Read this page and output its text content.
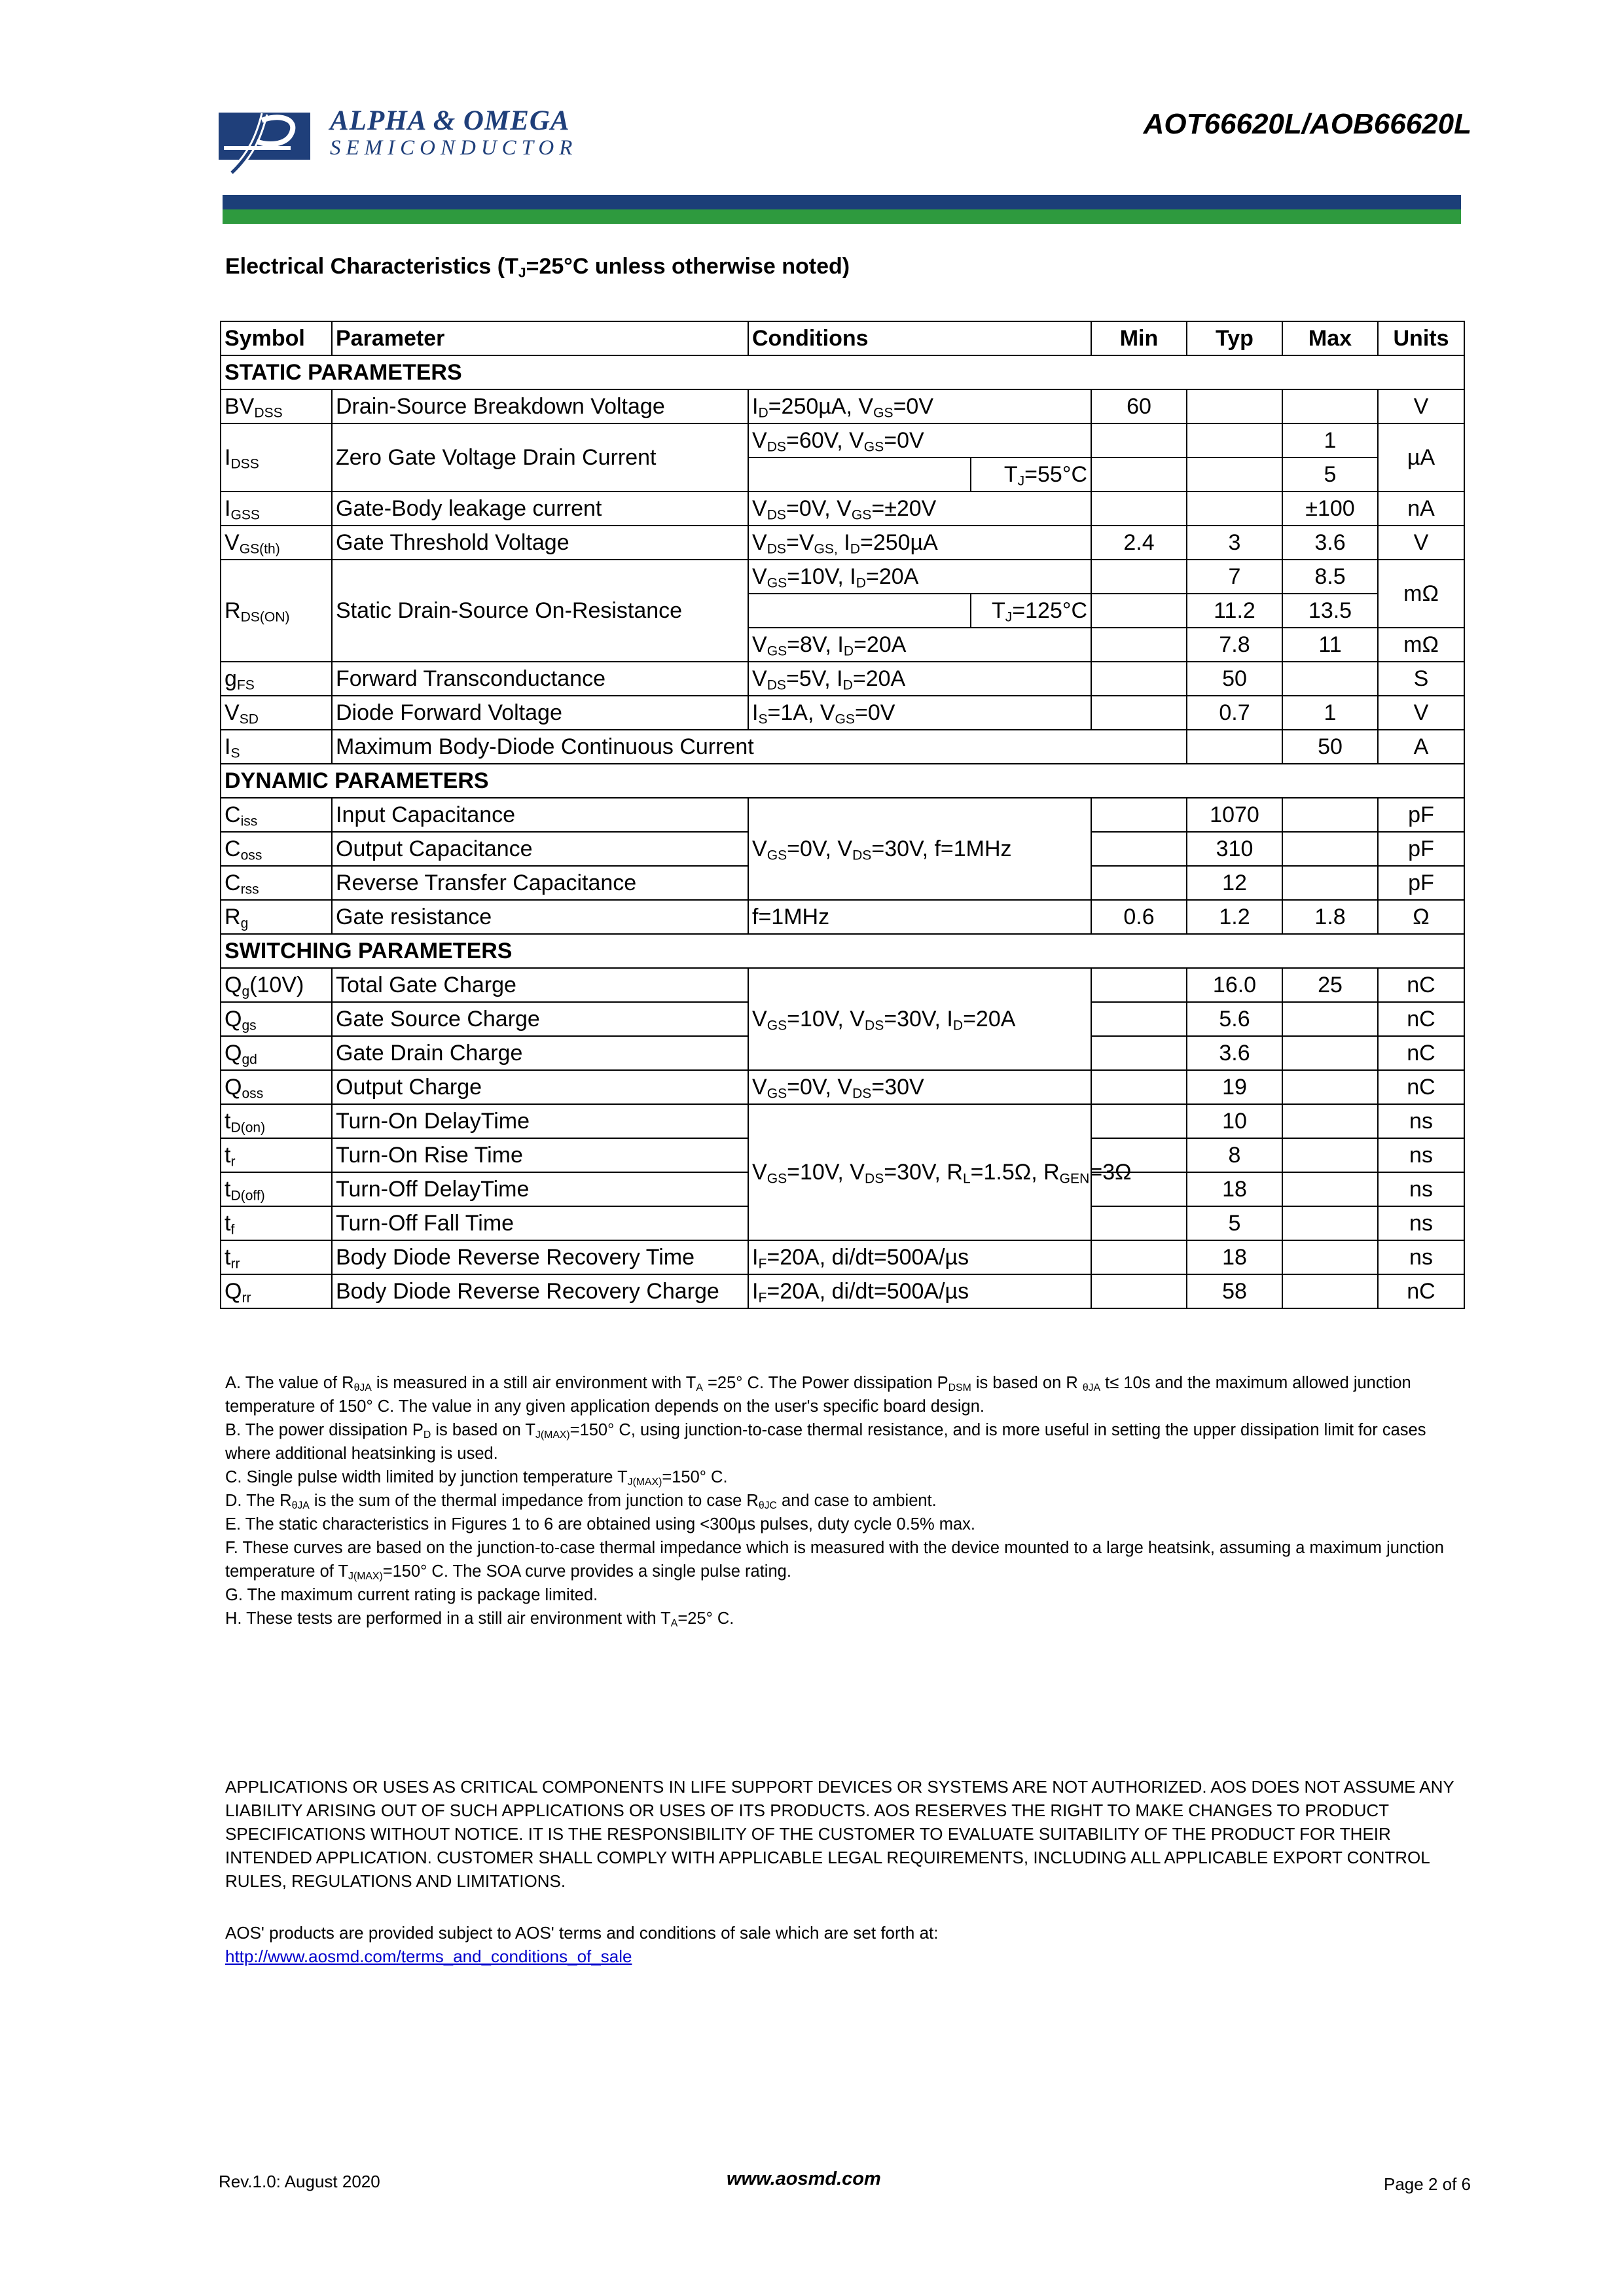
ALPHA & OMEGA
SEMICONDUCTOR
AOT66620L/AOB66620L
Electrical Characteristics ($T_J=25^\circ C$ unless otherwise noted)
Symbol	Parameter	Conditions		Min	Typ	Max	Units
STATIC PARAMETERS							
$BV_{DSS}$	Drain-Source Breakdown Voltage	$I_D=250\mu A$, $V_{GS}=0V$		60			V
$I_{DSS}$	Zero Gate Voltage Drain Current	$V_{DS}=60V$, $V_{GS}=0V$				1	µA
			$T_J=55^\circ C$			5	
$I_{GSS}$	Gate-Body leakage current	$V_{DS}=0V$, $V_{GS}=\pm 20V$				±100	nA
$V_{GS(th)}$	Gate Threshold Voltage	$V_{DS}=V_{GS,}$ $I_D=250\mu A$		2.4	3	3.6	V
$R_{DS(ON)}$	Static Drain-Source On-Resistance	$V_{GS}=10V$, $I_D=20A$			7	8.5	mΩ
			$T_J=125^\circ C$		11.2	13.5	
		$V_{GS}=8V$, $I_D=20A$			7.8	11	mΩ
$g_{FS}$	Forward Transconductance	$V_{DS}=5V$, $I_D=20A$			50		S
$V_{SD}$	Diode Forward Voltage	$I_S=1A$, $V_{GS}=0V$			0.7	1	V
$I_S$	Maximum Body-Diode Continuous Current					50	A
DYNAMIC PARAMETERS							
$C_{iss}$	Input Capacitance	$V_{GS}=0V$, $V_{DS}=30V$, f=1MHz			1070		pF
$C_{oss}$	Output Capacitance				310		pF
$C_{rss}$	Reverse Transfer Capacitance				12		pF
$R_g$	Gate resistance	f=1MHz		0.6	1.2	1.8	Ω
SWITCHING PARAMETERS							
$Q_g(10V)$	Total Gate Charge	$V_{GS}=10V$, $V_{DS}=30V$, $I_D=20A$			16.0	25	nC
$Q_{gs}$	Gate Source Charge				5.6		nC
$Q_{gd}$	Gate Drain Charge				3.6		nC
$Q_{oss}$	Output Charge	$V_{GS}=0V$, $V_{DS}=30V$			19		nC
$t_{D(on)}$	Turn-On DelayTime	$V_{GS}=10V$, $V_{DS}=30V$, $R_L=1.5\Omega$, $R_{GEN}=3\Omega$			10		ns
$t_r$	Turn-On Rise Time				8		ns
$t_{D(off)}$	Turn-Off DelayTime				18		ns
$t_f$	Turn-Off Fall Time				5		ns
$t_{rr}$	Body Diode Reverse Recovery Time	$I_F=20A$, di/dt=500A/µs			18		ns
$Q_{rr}$	Body Diode Reverse Recovery Charge	$I_F=20A$, di/dt=500A/µs			58		nC

A. The value of $R_{\theta JA}$ is measured in a still air environment with $T_A =25^\circ$ C. The Power dissipation $P_{DSM}$ is based on R $_{\theta JA}$ t≤ 10s and the maximum allowed junction temperature of 150° C. The value in any given application depends on the user's specific board design.

B. The power dissipation $P_D$ is based on $T_{J(MAX)}=150^\circ$ C, using junction-to-case thermal resistance, and is more useful in setting the upper dissipation limit for cases where additional heatsinking is used.

C. Single pulse width limited by junction temperature $T_{J(MAX)}=150^\circ$ C.

D. The $R_{\theta JA}$ is the sum of the thermal impedance from junction to case $R_{\theta JC}$ and case to ambient.

E. The static characteristics in Figures 1 to 6 are obtained using <300µs pulses, duty cycle 0.5% max.

F. These curves are based on the junction-to-case thermal impedance which is measured with the device mounted to a large heatsink, assuming a maximum junction temperature of $T_{J(MAX)}=150^\circ$ C. The SOA curve provides a single pulse rating.

G. The maximum current rating is package limited.

H. These tests are performed in a still air environment with $T_A=25^\circ$ C.

APPLICATIONS OR USES AS CRITICAL COMPONENTS IN LIFE SUPPORT DEVICES OR SYSTEMS ARE NOT AUTHORIZED. AOS DOES NOT ASSUME ANY LIABILITY ARISING OUT OF SUCH APPLICATIONS OR USES OF ITS PRODUCTS. AOS RESERVES THE RIGHT TO MAKE CHANGES TO PRODUCT SPECIFICATIONS WITHOUT NOTICE. IT IS THE RESPONSIBILITY OF THE CUSTOMER TO EVALUATE SUITABILITY OF THE PRODUCT FOR THEIR INTENDED APPLICATION. CUSTOMER SHALL COMPLY WITH APPLICABLE LEGAL REQUIREMENTS, INCLUDING ALL APPLICABLE EXPORT CONTROL RULES, REGULATIONS AND LIMITATIONS.
AOS' products are provided subject to AOS' terms and conditions of sale which are set forth at:
http://www.aosmd.com/terms_and_conditions_of_sale
Rev.1.0: August 2020	www.aosmd.com	Page 2 of 6
